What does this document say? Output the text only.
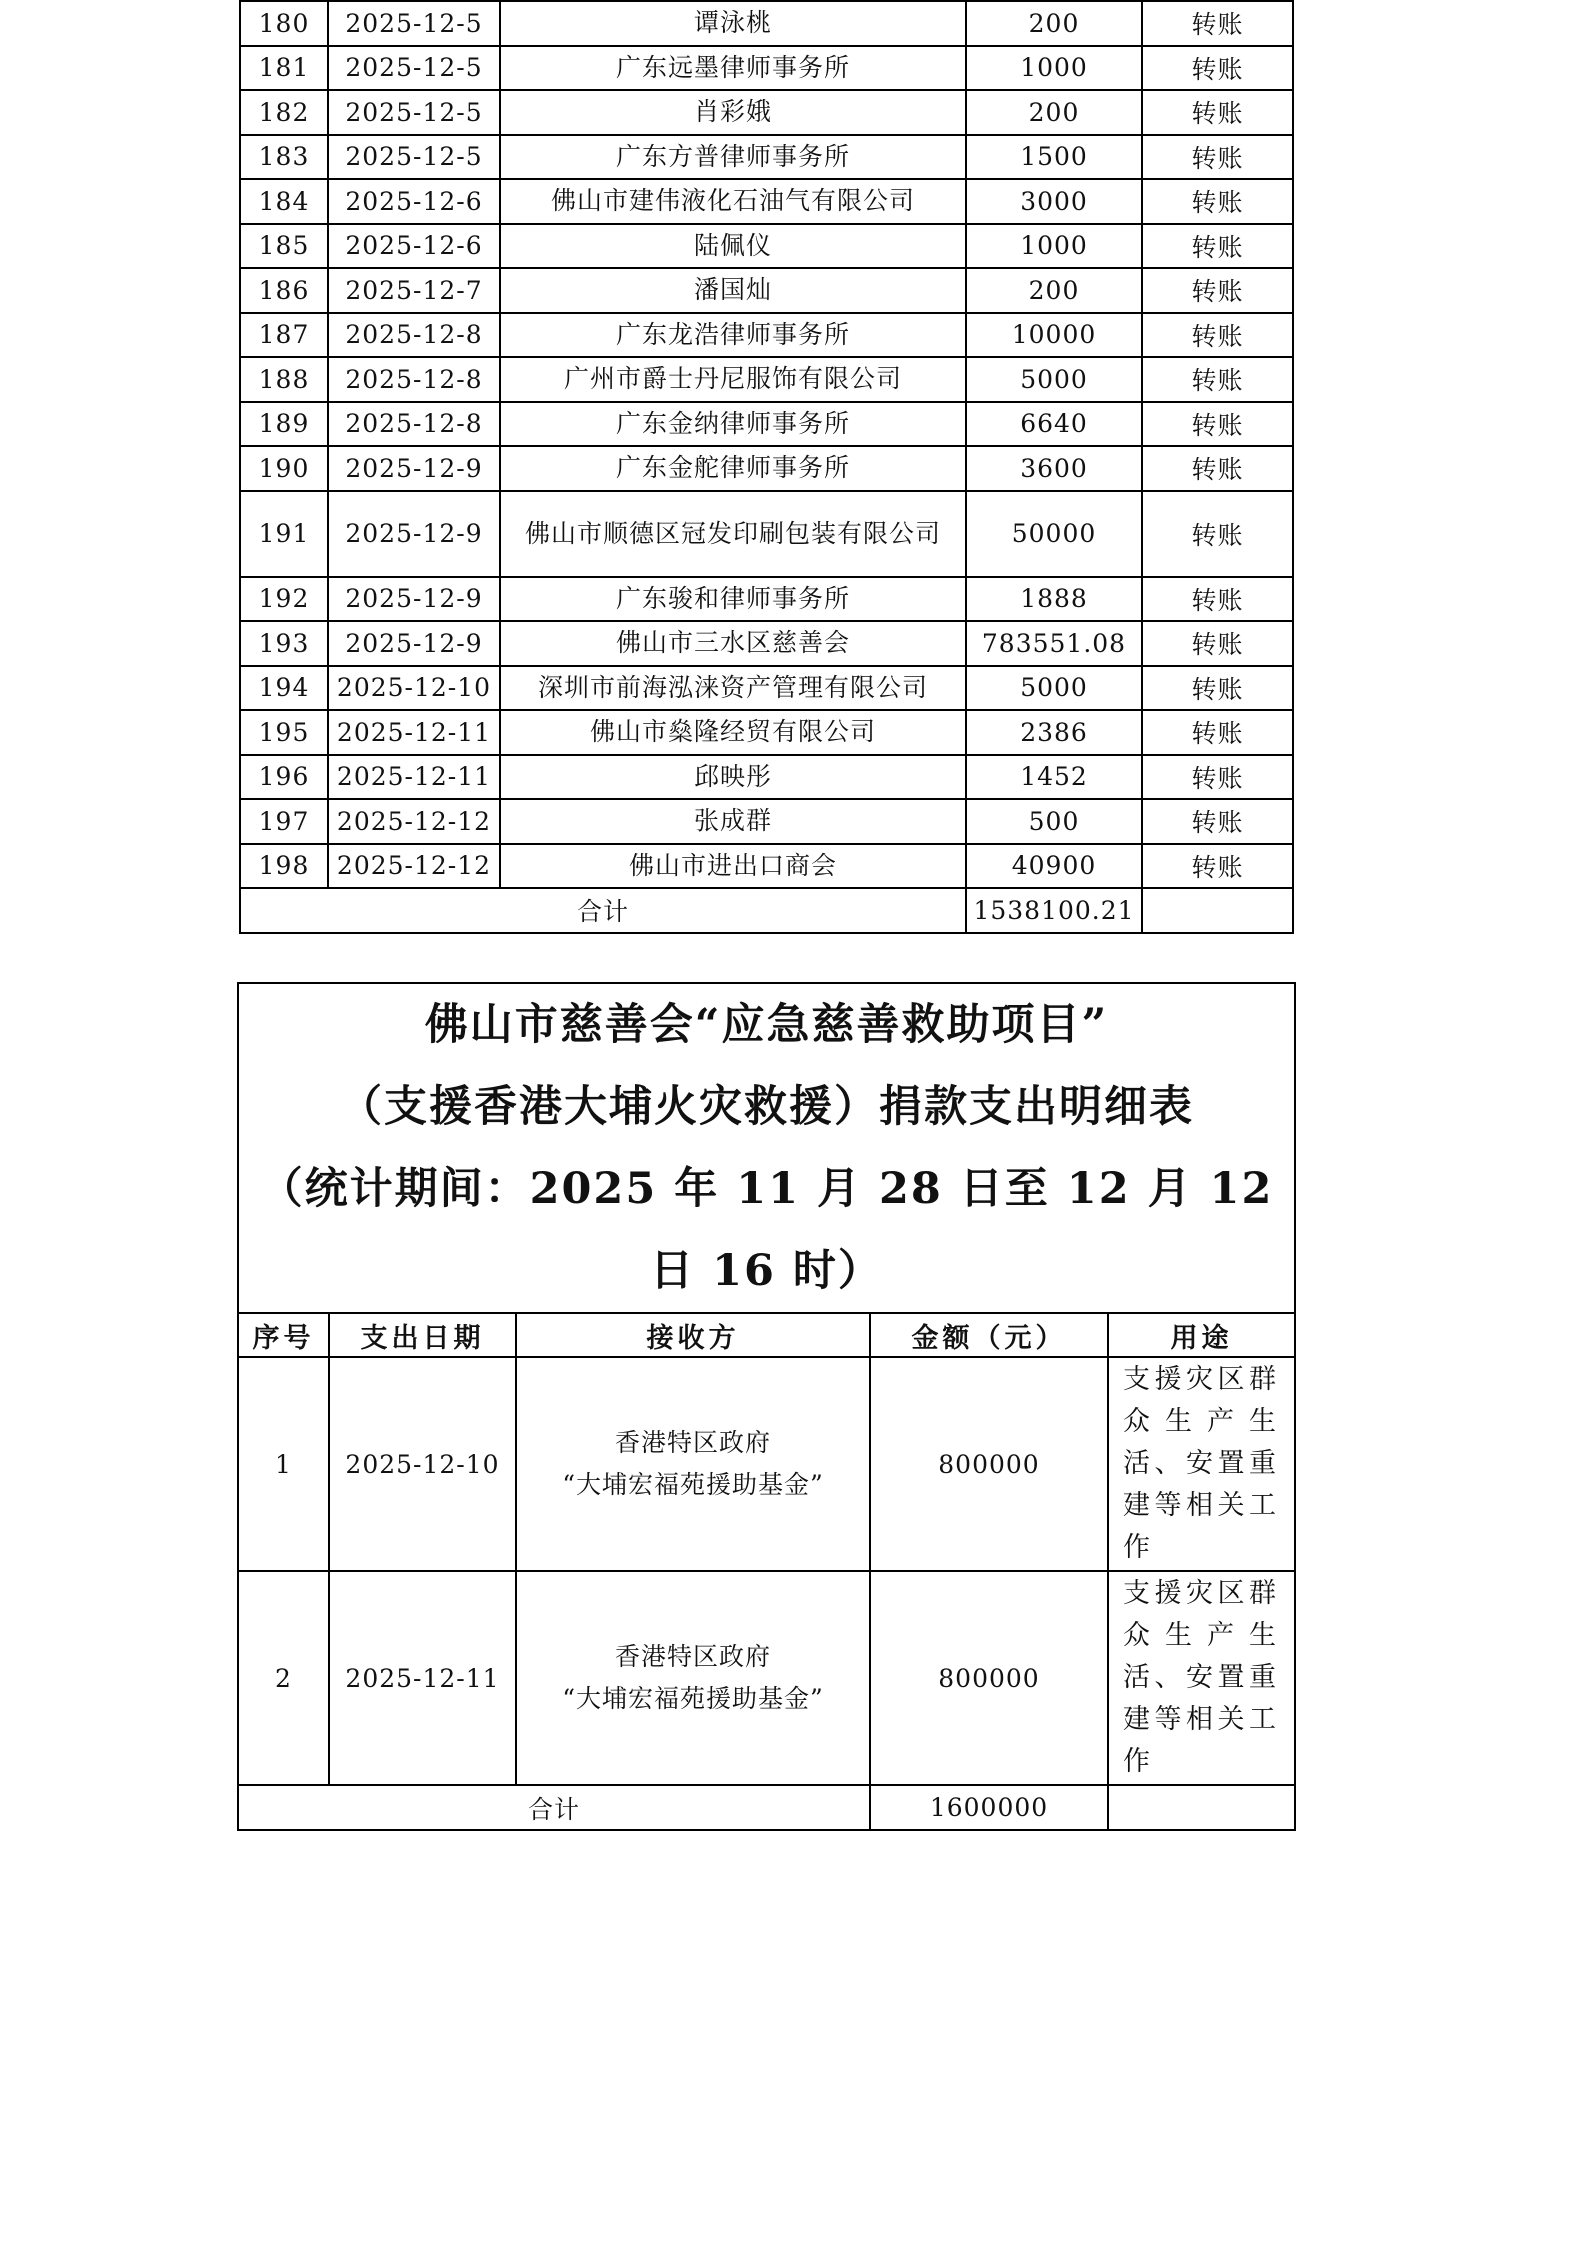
180	2025-12-5	谭泳桃	200	转账
181	2025-12-5	广东远墨律师事务所	1000	转账
182	2025-12-5	肖彩娥	200	转账
183	2025-12-5	广东方普律师事务所	1500	转账
184	2025-12-6	佛山市建伟液化石油气有限公司	3000	转账
185	2025-12-6	陆佩仪	1000	转账
186	2025-12-7	潘国灿	200	转账
187	2025-12-8	广东龙浩律师事务所	10000	转账
188	2025-12-8	广州市爵士丹尼服饰有限公司	5000	转账
189	2025-12-8	广东金纳律师事务所	6640	转账
190	2025-12-9	广东金舵律师事务所	3600	转账
191	2025-12-9	佛山市顺德区冠发印刷包装有限公司	50000	转账
192	2025-12-9	广东骏和律师事务所	1888	转账
193	2025-12-9	佛山市三水区慈善会	783551.08	转账
194	2025-12-10	深圳市前海泓涞资产管理有限公司	5000	转账
195	2025-12-11	佛山市燊隆经贸有限公司	2386	转账
196	2025-12-11	邱映彤	1452	转账
197	2025-12-12	张成群	500	转账
198	2025-12-12	佛山市进出口商会	40900	转账
合计			1538100.21	
佛山市慈善会“应急慈善救助项目”
（支援香港大埔火灾救援）捐款支出明细表
（统计期间：2025 年 11 月 28 日至 12 月 12 日 16 时）				

序号	支出日期	接收方	金额（元）	用途
1	2025-12-10	香港特区政府
“大埔宏福苑援助基金”	800000	支援灾区群众生产生活、安置重建等相关工作
2	2025-12-11	香港特区政府
“大埔宏福苑援助基金”	800000	支援灾区群众生产生活、安置重建等相关工作
合计			1600000	
